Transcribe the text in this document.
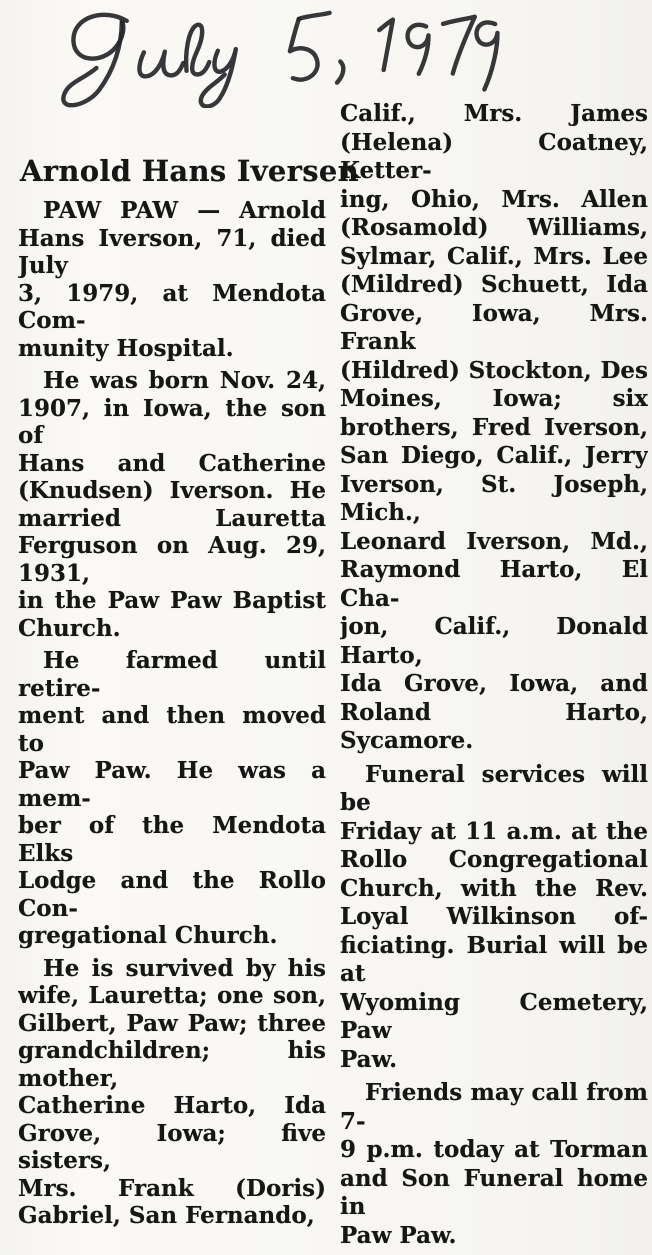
Arnold Hans Iversen
PAW PAW — Arnold
Hans Iverson, 71, died July
3, 1979, at Mendota Com-
munity Hospital.
He was born Nov. 24,
1907, in Iowa, the son of
Hans and Catherine
(Knudsen) Iverson. He
married Lauretta
Ferguson on Aug. 29, 1931,
in the Paw Paw Baptist
Church.
He farmed until retire-
ment and then moved to
Paw Paw. He was a mem-
ber of the Mendota Elks
Lodge and the Rollo Con-
gregational Church.
He is survived by his
wife, Lauretta; one son,
Gilbert, Paw Paw; three
grandchildren; his mother,
Catherine Harto, Ida
Grove, Iowa; five sisters,
Mrs. Frank (Doris)
Gabriel, San Fernando,
Calif., Mrs. James
(Helena) Coatney, Ketter-
ing, Ohio, Mrs. Allen
(Rosamold) Williams,
Sylmar, Calif., Mrs. Lee
(Mildred) Schuett, Ida
Grove, Iowa, Mrs. Frank
(Hildred) Stockton, Des
Moines, Iowa; six
brothers, Fred Iverson,
San Diego, Calif., Jerry
Iverson, St. Joseph, Mich.,
Leonard Iverson, Md.,
Raymond Harto, El Cha-
jon, Calif., Donald Harto,
Ida Grove, Iowa, and
Roland Harto, Sycamore.
Funeral services will be
Friday at 11 a.m. at the
Rollo Congregational
Church, with the Rev.
Loyal Wilkinson of-
ficiating. Burial will be at
Wyoming Cemetery, Paw
Paw.
Friends may call from 7-
9 p.m. today at Torman
and Son Funeral home in
Paw Paw.
